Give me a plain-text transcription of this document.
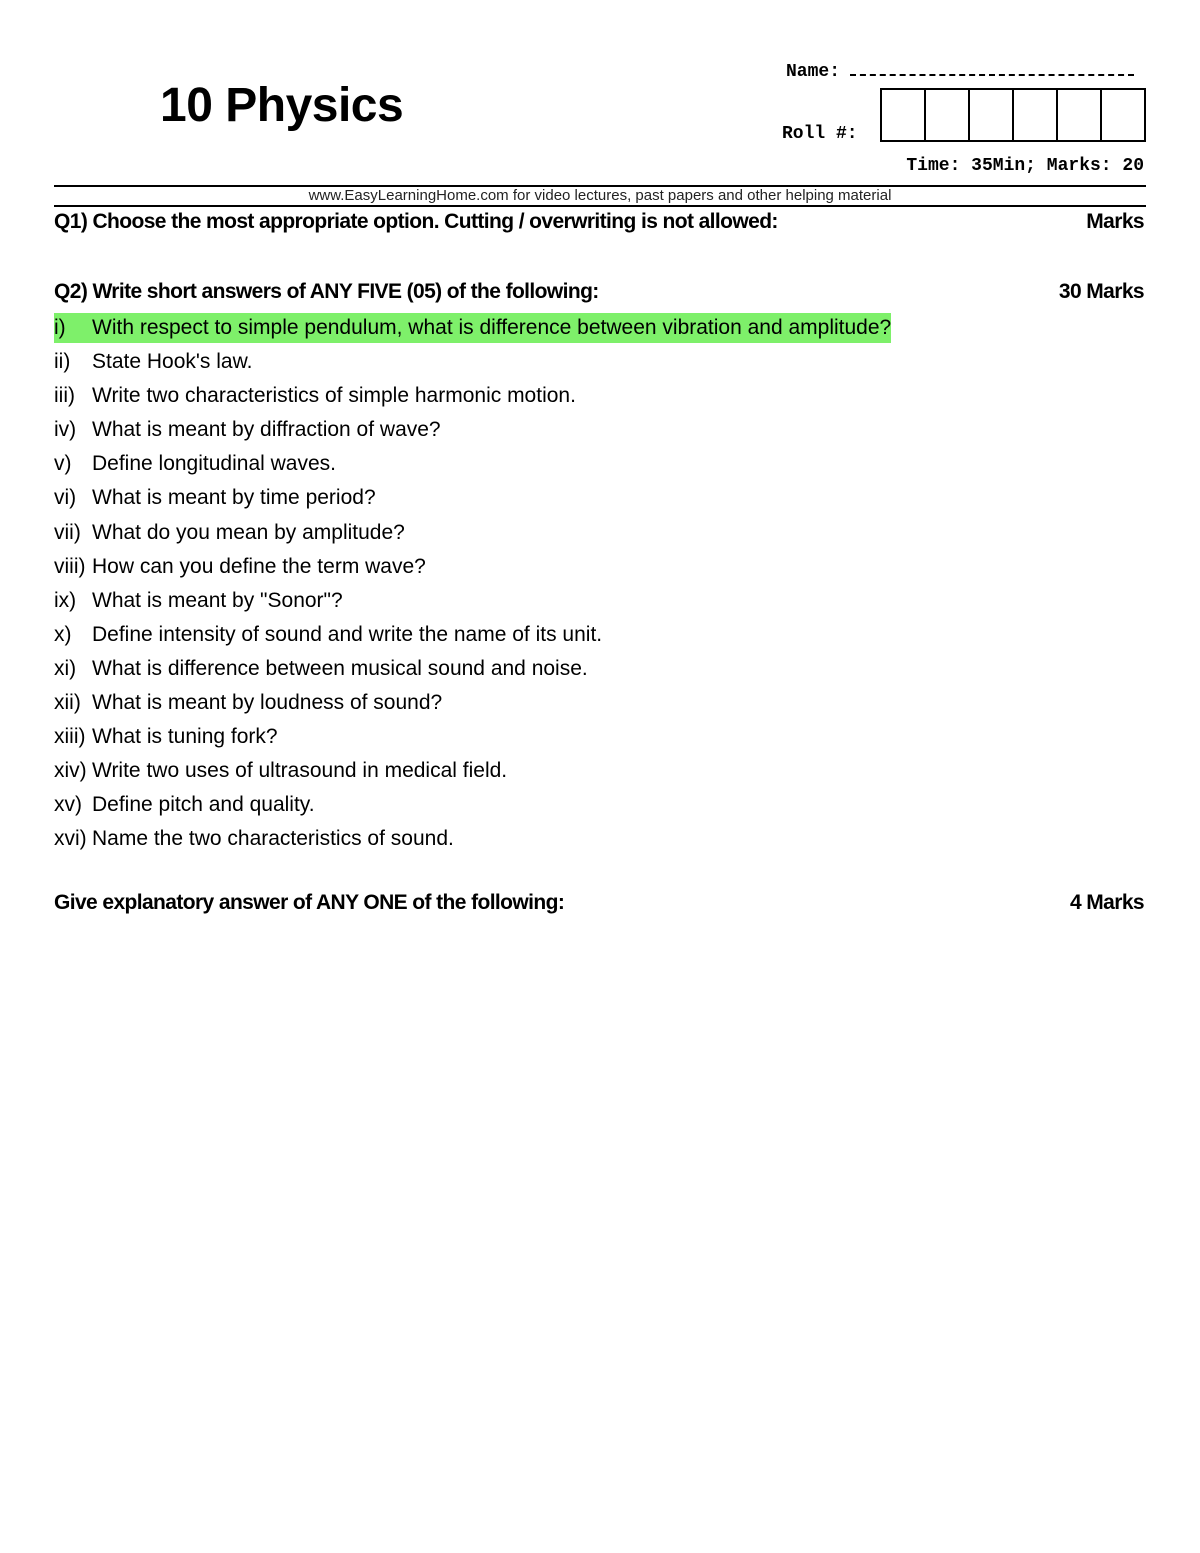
10 Physics
Name:
Roll #:
Time: 35Min; Marks: 20
www.EasyLearningHome.com for video lectures, past papers and other helping material
Q1) Choose the most appropriate option. Cutting / overwriting is not allowed:	Marks
Q2) Write short answers of ANY FIVE (05) of the following:	30 Marks
i)	With respect to simple pendulum, what is difference between vibration and amplitude?
ii)	State Hook's law.
iii) Write two characteristics of simple harmonic motion.
iv) What is meant by diffraction of wave?
v) Define longitudinal waves.
vi) What is meant by time period?
vii) What do you mean by amplitude?
viii) How can you define the term wave?
ix) What is meant by "Sonor"?
x) Define intensity of sound and write the name of its unit.
xi) What is difference between musical sound and noise.
xii) What is meant by loudness of sound?
xiii) What is tuning fork?
xiv) Write two uses of ultrasound in medical field.
xv) Define pitch and quality.
xvi) Name the two characteristics of sound.
Give explanatory answer of ANY ONE of the following:	4 Marks
